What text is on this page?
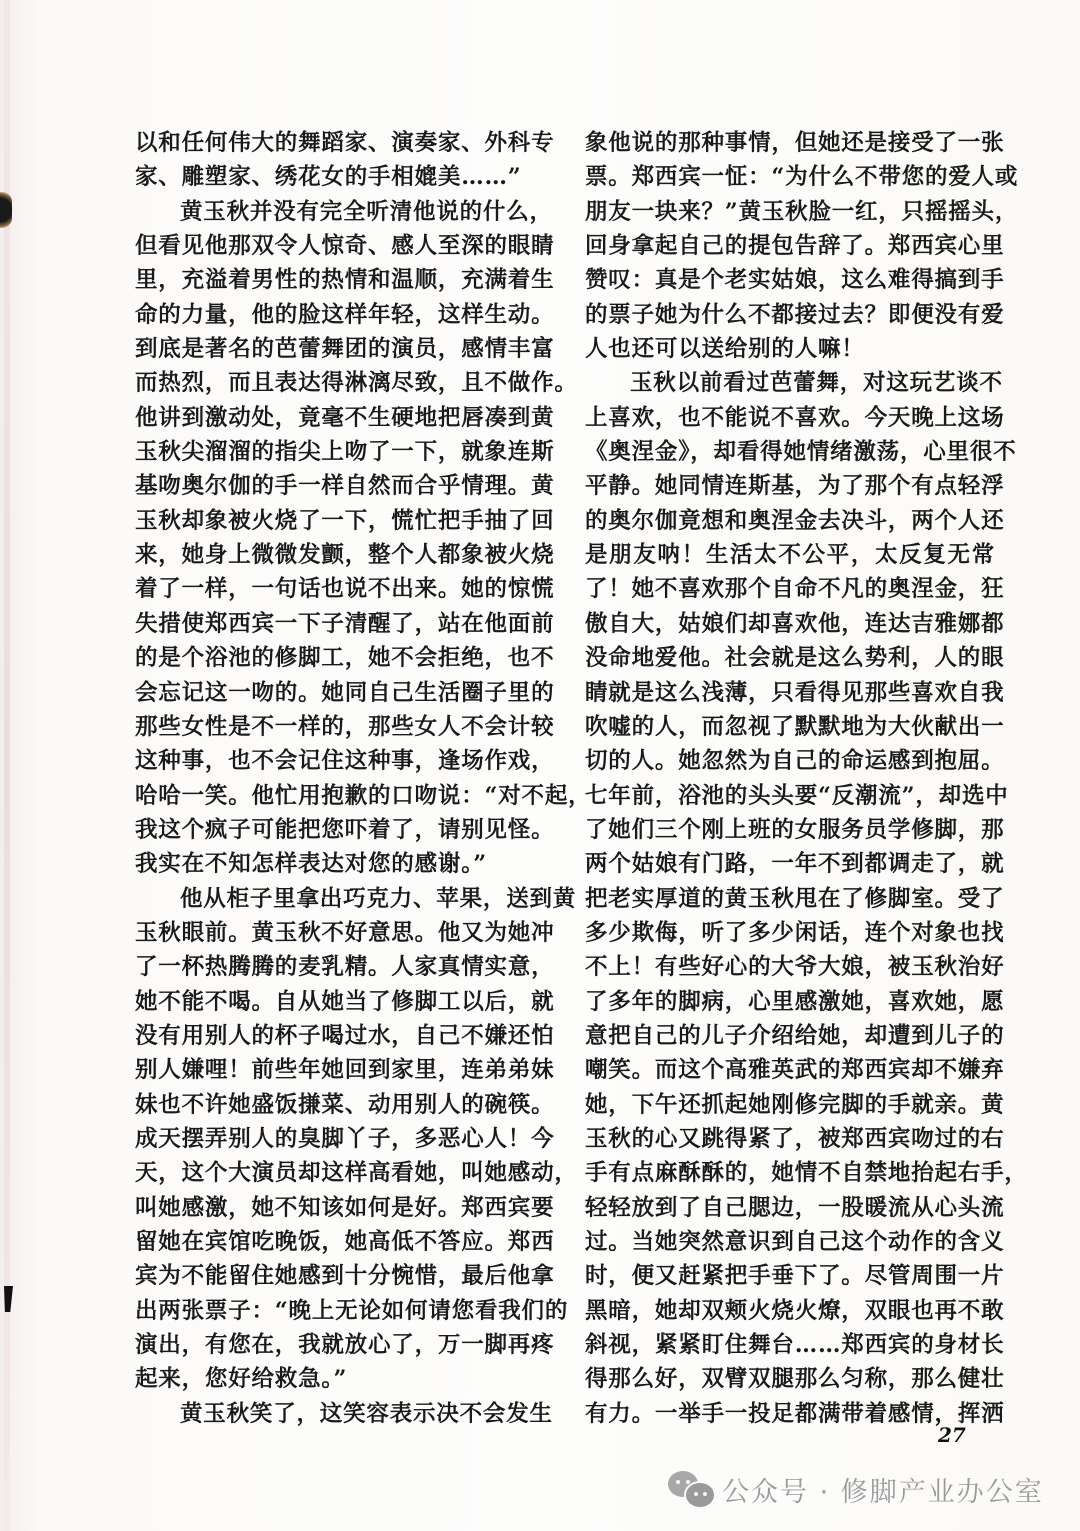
以和任何伟大的舞蹈家、演奏家、外科专
家、雕塑家、绣花女的手相媲美……”
黄玉秋并没有完全听清他说的什么，
但看见他那双令人惊奇、感人至深的眼睛
里，充溢着男性的热情和温顺，充满着生
命的力量，他的脸这样年轻，这样生动。
到底是著名的芭蕾舞团的演员，感情丰富
而热烈，而且表达得淋漓尽致，且不做作。
他讲到激动处，竟毫不生硬地把唇凑到黄
玉秋尖溜溜的指尖上吻了一下，就象连斯
基吻奥尔伽的手一样自然而合乎情理。黄
玉秋却象被火烧了一下，慌忙把手抽了回
来，她身上微微发颤，整个人都象被火烧
着了一样，一句话也说不出来。她的惊慌
失措使郑西宾一下子清醒了，站在他面前
的是个浴池的修脚工，她不会拒绝，也不
会忘记这一吻的。她同自己生活圈子里的
那些女性是不一样的，那些女人不会计较
这种事，也不会记住这种事，逢场作戏，
哈哈一笑。他忙用抱歉的口吻说：“对不起，
我这个疯子可能把您吓着了，请别见怪。
我实在不知怎样表达对您的感谢。”
他从柜子里拿出巧克力、苹果，送到黄
玉秋眼前。黄玉秋不好意思。他又为她冲
了一杯热腾腾的麦乳精。人家真情实意，
她不能不喝。自从她当了修脚工以后，就
没有用别人的杯子喝过水，自己不嫌还怕
别人嫌哩！前些年她回到家里，连弟弟妹
妹也不许她盛饭搛菜、动用别人的碗筷。
成天摆弄别人的臭脚丫子，多恶心人！今
天，这个大演员却这样高看她，叫她感动，
叫她感激，她不知该如何是好。郑西宾要
留她在宾馆吃晚饭，她高低不答应。郑西
宾为不能留住她感到十分惋惜，最后他拿
出两张票子：“晚上无论如何请您看我们的
演出，有您在，我就放心了，万一脚再疼
起来，您好给救急。”
黄玉秋笑了，这笑容表示决不会发生
象他说的那种事情，但她还是接受了一张
票。郑西宾一怔：“为什么不带您的爱人或
朋友一块来？”黄玉秋脸一红，只摇摇头，
回身拿起自己的提包告辞了。郑西宾心里
赞叹：真是个老实姑娘，这么难得搞到手
的票子她为什么不都接过去？即便没有爱
人也还可以送给别的人嘛！
玉秋以前看过芭蕾舞，对这玩艺谈不
上喜欢，也不能说不喜欢。今天晚上这场
《奥涅金》，却看得她情绪激荡，心里很不
平静。她同情连斯基，为了那个有点轻浮
的奥尔伽竟想和奥涅金去决斗，两个人还
是朋友呐！生活太不公平，太反复无常
了！她不喜欢那个自命不凡的奥涅金，狂
傲自大，姑娘们却喜欢他，连达吉雅娜都
没命地爱他。社会就是这么势利，人的眼
睛就是这么浅薄，只看得见那些喜欢自我
吹嘘的人，而忽视了默默地为大伙献出一
切的人。她忽然为自己的命运感到抱屈。
七年前，浴池的头头要“反潮流”，却选中
了她们三个刚上班的女服务员学修脚，那
两个姑娘有门路，一年不到都调走了，就
把老实厚道的黄玉秋甩在了修脚室。受了
多少欺侮，听了多少闲话，连个对象也找
不上！有些好心的大爷大娘，被玉秋治好
了多年的脚病，心里感激她，喜欢她，愿
意把自己的儿子介绍给她，却遭到儿子的
嘲笑。而这个高雅英武的郑西宾却不嫌弃
她，下午还抓起她刚修完脚的手就亲。黄
玉秋的心又跳得紧了，被郑西宾吻过的右
手有点麻酥酥的，她情不自禁地抬起右手，
轻轻放到了自己腮边，一股暖流从心头流
过。当她突然意识到自己这个动作的含义
时，便又赶紧把手垂下了。尽管周围一片
黑暗，她却双颊火烧火燎，双眼也再不敢
斜视，紧紧盯住舞台……郑西宾的身材长
得那么好，双臂双腿那么匀称，那么健壮
有力。一举手一投足都满带着感情，挥洒
27
公众号 · 修脚产业办公室
